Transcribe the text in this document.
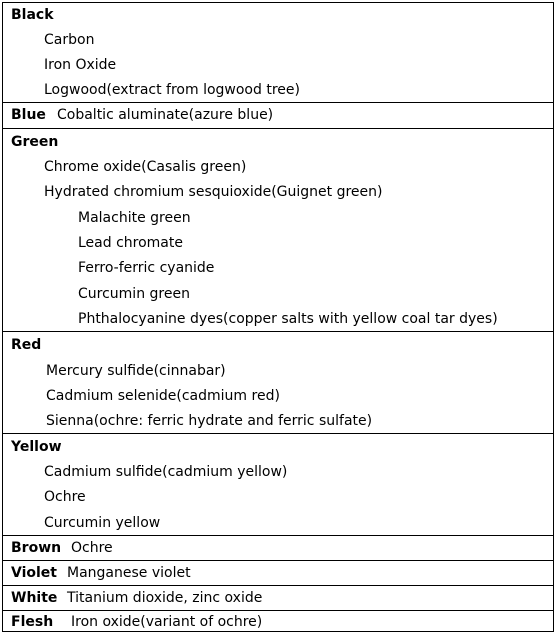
Black
Carbon
Iron Oxide
Logwood(extract from logwood tree)
Blue Cobaltic aluminate(azure blue)
Green
Chrome oxide(Casalis green)
Hydrated chromium sesquioxide(Guignet green)
Malachite green
Lead chromate
Ferro-ferric cyanide
Curcumin green
Phthalocyanine dyes(copper salts with yellow coal tar dyes)
Red
Mercury sulfide(cinnabar)
Cadmium selenide(cadmium red)
Sienna(ochre: ferric hydrate and ferric sulfate)
Yellow
Cadmium sulfide(cadmium yellow)
Ochre
Curcumin yellow
Brown Ochre
Violet Manganese violet
White Titanium dioxide, zinc oxide
Flesh Iron oxide(variant of ochre)
